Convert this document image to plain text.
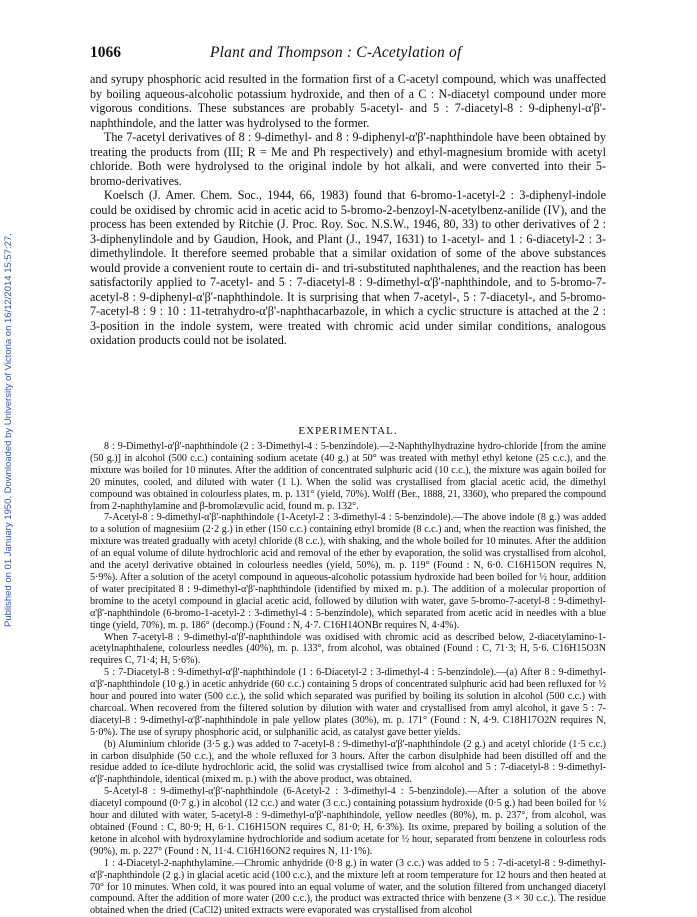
Published on 01 January 1950. Downloaded by University of Victoria on 16/12/2014 15:57:27.
1066	Plant and Thompson : C-Acetylation of

and syrupy phosphoric acid resulted in the formation first of a C-acetyl compound, which was unaffected by boiling aqueous-alcoholic potassium hydroxide, and then of a C : N-diacetyl compound under more vigorous conditions. These substances are probably 5-acetyl- and 5 : 7-diacetyl-8 : 9-diphenyl-α'β'-naphthindole, and the latter was hydrolysed to the former.

The 7-acetyl derivatives of 8 : 9-dimethyl- and 8 : 9-diphenyl-α'β'-naphthindole have been obtained by treating the products from (III; R = Me and Ph respectively) and ethyl-magnesium bromide with acetyl chloride. Both were hydrolysed to the original indole by hot alkali, and were converted into their 5-bromo-derivatives.

Koelsch (J. Amer. Chem. Soc., 1944, 66, 1983) found that 6-bromo-1-acetyl-2 : 3-diphenyl-indole could be oxidised by chromic acid in acetic acid to 5-bromo-2-benzoyl-N-acetylbenz-anilide (IV), and the process has been extended by Ritchie (J. Proc. Roy. Soc. N.S.W., 1946, 80, 33) to other derivatives of 2 : 3-diphenylindole and by Gaudion, Hook, and Plant (J., 1947, 1631) to 1-acetyl- and 1 : 6-diacetyl-2 : 3-dimethylindole. It therefore seemed probable that a similar oxidation of some of the above substances would provide a convenient route to certain di- and tri-substituted naphthalenes, and the reaction has been satisfactorily applied to 7-acetyl- and 5 : 7-diacetyl-8 : 9-dimethyl-α'β'-naphthindole, and to 5-bromo-7-acetyl-8 : 9-diphenyl-α'β'-naphthindole. It is surprising that when 7-acetyl-, 5 : 7-diacetyl-, and 5-bromo-7-acetyl-8 : 9 : 10 : 11-tetrahydro-α'β'-naphthacarbazole, in which a cyclic structure is attached at the 2 : 3-position in the indole system, were treated with chromic acid under similar conditions, analogous oxidation products could not be isolated.

EXPERIMENTAL.

8 : 9-Dimethyl-α'β'-naphthindole (2 : 3-Dimethyl-4 : 5-benzindole).—2-Naphthylhydrazine hydro-chloride [from the amine (50 g.)] in alcohol (500 c.c.) containing sodium acetate (40 g.) at 50° was treated with methyl ethyl ketone (25 c.c.), and the mixture was boiled for 10 minutes. After the addition of concentrated sulphuric acid (10 c.c.), the mixture was again boiled for 20 minutes, cooled, and diluted with water (1 l.). When the solid was crystallised from glacial acetic acid, the dimethyl compound was obtained in colourless plates, m. p. 131° (yield, 70%). Wolff (Ber., 1888, 21, 3360), who prepared the compound from 2-naphthylamine and β-bromolævulic acid, found m. p. 132°.

7-Acetyl-8 : 9-dimethyl-α'β'-naphthindole (1-Acetyl-2 : 3-dimethyl-4 : 5-benzindole).—The above indole (8 g.) was added to a solution of magnesium (2·2 g.) in ether (150 c.c.) containing ethyl bromide (8 c.c.) and, when the reaction was finished, the mixture was treated gradually with acetyl chloride (8 c.c.), with shaking, and the whole boiled for 10 minutes. After the addition of an equal volume of dilute hydrochloric acid and removal of the ether by evaporation, the solid was crystallised from alcohol, and the acetyl derivative obtained in colourless needles (yield, 50%), m. p. 119° (Found : N, 6·0. C16H15ON requires N, 5·9%). After a solution of the acetyl compound in aqueous-alcoholic potassium hydroxide had been boiled for ½ hour, addition of water precipitated 8 : 9-dimethyl-α'β'-naphthindole (identified by mixed m. p.). The addition of a molecular proportion of bromine to the acetyl compound in glacial acetic acid, followed by dilution with water, gave 5-bromo-7-acetyl-8 : 9-dimethyl-α'β'-naphthindole (6-bromo-1-acetyl-2 : 3-dimethyl-4 : 5-benzindole), which separated from acetic acid in needles with a blue tinge (yield, 70%), m. p. 186° (decomp.) (Found : N, 4·7. C16H14ONBr requires N, 4·4%).

When 7-acetyl-8 : 9-dimethyl-α'β'-naphthindole was oxidised with chromic acid as described below, 2-diacetylamino-1-acetylnaphthalene, colourless needles (40%), m. p. 133°, from alcohol, was obtained (Found : C, 71·3; H, 5·6. C16H15O3N requires C, 71·4; H, 5·6%).

5 : 7-Diacetyl-8 : 9-dimethyl-α'β'-naphthindole (1 : 6-Diacetyl-2 : 3-dimethyl-4 : 5-benzindole).—(a) After 8 : 9-dimethyl-α'β'-naphthindole (10 g.) in acetic anhydride (60 c.c.) containing 5 drops of concentrated sulphuric acid had been refluxed for ½ hour and poured into water (500 c.c.), the solid which separated was purified by boiling its solution in alcohol (500 c.c.) with charcoal. When recovered from the filtered solution by dilution with water and crystallised from amyl alcohol, it gave 5 : 7-diacetyl-8 : 9-dimethyl-α'β'-naphthindole in pale yellow plates (30%), m. p. 171° (Found : N, 4·9. C18H17O2N requires N, 5·0%). The use of syrupy phosphoric acid, or sulphanilic acid, as catalyst gave better yields.

(b) Aluminium chloride (3·5 g.) was added to 7-acetyl-8 : 9-dimethyl-α'β'-naphthindole (2 g.) and acetyl chloride (1·5 c.c.) in carbon disulphide (50 c.c.), and the whole refluxed for 3 hours. After the carbon disulphide had been distilled off and the residue added to ice-dilute hydrochloric acid, the solid was crystallised twice from alcohol and 5 : 7-diacetyl-8 : 9-dimethyl-α'β'-naphthindole, identical (mixed m. p.) with the above product, was obtained.

5-Acetyl-8 : 9-dimethyl-α'β'-naphthindole (6-Acetyl-2 : 3-dimethyl-4 : 5-benzindole).—After a solution of the above diacetyl compound (0·7 g.) in alcohol (12 c.c.) and water (3 c.c.) containing potassium hydroxide (0·5 g.) had been boiled for ½ hour and diluted with water, 5-acetyl-8 : 9-dimethyl-α'β'-naphthindole, yellow needles (80%), m. p. 237°, from alcohol, was obtained (Found : C, 80·9; H, 6·1. C16H15ON requires C, 81·0; H, 6·3%). Its oxime, prepared by boiling a solution of the ketone in alcohol with hydroxylamine hydrochloride and sodium acetate for ½ hour, separated from benzene in colourless rods (90%), m. p. 227° (Found : N, 11·4. C16H16ON2 requires N, 11·1%).

1 : 4-Diacetyl-2-naphthylamine.—Chromic anhydride (0·8 g.) in water (3 c.c.) was added to 5 : 7-di-acetyl-8 : 9-dimethyl-α'β'-naphthindole (2 g.) in glacial acetic acid (100 c.c.), and the mixture left at room temperature for 12 hours and then heated at 70° for 10 minutes. When cold, it was poured into an equal volume of water, and the solution filtered from unchanged diacetyl compound. After the addition of more water (200 c.c.), the product was extracted thrice with benzene (3 × 30 c.c.). The residue obtained when the dried (CaCl2) united extracts were evaporated was crystallised from alcohol
